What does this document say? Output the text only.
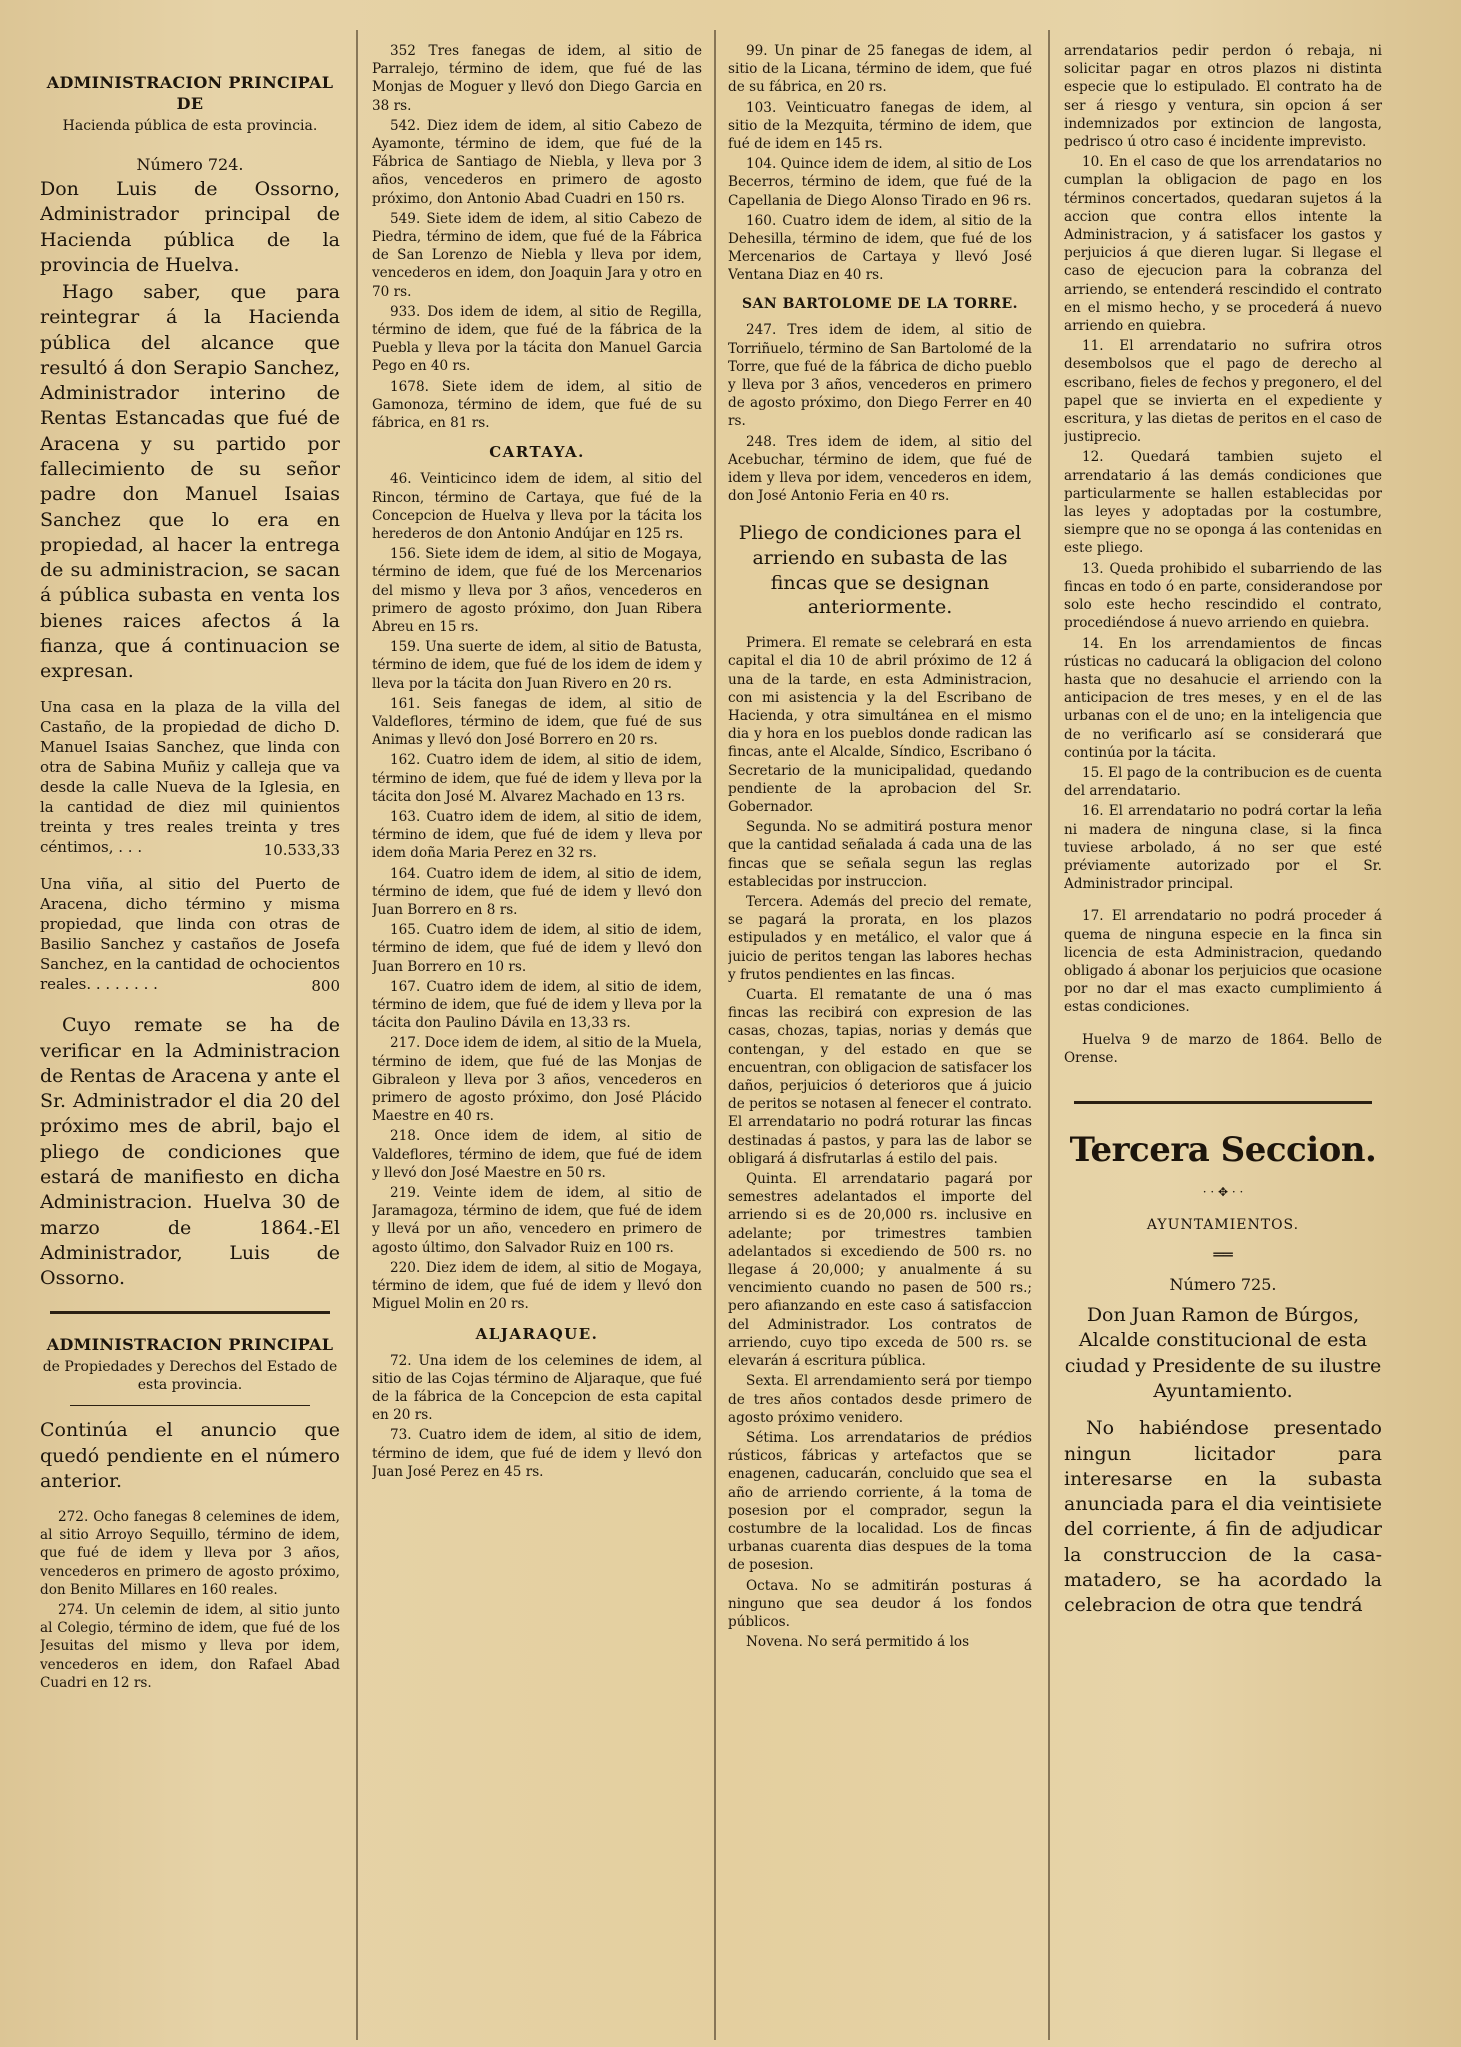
ADMINISTRACION PRINCIPAL DE

Hacienda pública de esta provincia.

Número 724.

Don Luis de Ossorno, Administrador principal de Hacienda pública de la provincia de Huelva.

Hago saber, que para reintegrar á la Hacienda pública del alcance que resultó á don Serapio Sanchez, Administrador interino de Rentas Estancadas que fué de Aracena y su partido por fallecimiento de su señor padre don Manuel Isaias Sanchez que lo era en propiedad, al hacer la entrega de su administracion, se sacan á pública subasta en venta los bienes raices afectos á la fianza, que á continuacion se expresan.

Una casa en la plaza de la villa del Castaño, de la propiedad de dicho D. Manuel Isaias Sanchez, que linda con otra de Sabina Muñiz y calleja que va desde la calle Nueva de la Iglesia, en la cantidad de diez mil quinientos treinta y tres reales treinta y tres céntimos, . . .	10.533,33

Una viña, al sitio del Puerto de Aracena, dicho término y misma propiedad, que linda con otras de Basilio Sanchez y castaños de Josefa Sanchez, en la cantidad de ochocientos reales. . . . . . . .	800

Cuyo remate se ha de verificar en la Administracion de Rentas de Aracena y ante el Sr. Administrador el dia 20 del próximo mes de abril, bajo el pliego de condiciones que estará de manifiesto en dicha Administracion. Huelva 30 de marzo de 1864.-El Administrador, Luis de Ossorno.

ADMINISTRACION PRINCIPAL

de Propiedades y Derechos del Estado de esta provincia.

Continúa el anuncio que quedó pendiente en el número anterior.

272. Ocho fanegas 8 celemines de idem, al sitio Arroyo Sequillo, término de idem, que fué de idem y lleva por 3 años, vencederos en primero de agosto próximo, don Benito Millares en 160 reales.

274. Un celemin de idem, al sitio junto al Colegio, término de idem, que fué de los Jesuitas del mismo y lleva por idem, vencederos en idem, don Rafael Abad Cuadri en 12 rs.

352 Tres fanegas de idem, al sitio de Parralejo, término de idem, que fué de las Monjas de Moguer y llevó don Diego Garcia en 38 rs.

542. Diez idem de idem, al sitio Cabezo de Ayamonte, término de idem, que fué de la Fábrica de Santiago de Niebla, y lleva por 3 años, vencederos en primero de agosto próximo, don Antonio Abad Cuadri en 150 rs.

549. Siete idem de idem, al sitio Cabezo de Piedra, término de idem, que fué de la Fábrica de San Lorenzo de Niebla y lleva por idem, vencederos en idem, don Joaquin Jara y otro en 70 rs.

933. Dos idem de idem, al sitio de Regilla, término de idem, que fué de la fábrica de la Puebla y lleva por la tácita don Manuel Garcia Pego en 40 rs.

1678. Siete idem de idem, al sitio de Gamonoza, término de idem, que fué de su fábrica, en 81 rs.

CARTAYA.

46. Veinticinco idem de idem, al sitio del Rincon, término de Cartaya, que fué de la Concepcion de Huelva y lleva por la tácita los herederos de don Antonio Andújar en 125 rs.

156. Siete idem de idem, al sitio de Mogaya, término de idem, que fué de los Mercenarios del mismo y lleva por 3 años, vencederos en primero de agosto próximo, don Juan Ribera Abreu en 15 rs.

159. Una suerte de idem, al sitio de Batusta, término de idem, que fué de los idem de idem y lleva por la tácita don Juan Rivero en 20 rs.

161. Seis fanegas de idem, al sitio de Valdeflores, término de idem, que fué de sus Animas y llevó don José Borrero en 20 rs.

162. Cuatro idem de idem, al sitio de idem, término de idem, que fué de idem y lleva por la tácita don José M. Alvarez Machado en 13 rs.

163. Cuatro idem de idem, al sitio de idem, término de idem, que fué de idem y lleva por idem doña Maria Perez en 32 rs.

164. Cuatro idem de idem, al sitio de idem, término de idem, que fué de idem y llevó don Juan Borrero en 8 rs.

165. Cuatro idem de idem, al sitio de idem, término de idem, que fué de idem y llevó don Juan Borrero en 10 rs.

167. Cuatro idem de idem, al sitio de idem, término de idem, que fué de idem y lleva por la tácita don Paulino Dávila en 13,33 rs.

217. Doce idem de idem, al sitio de la Muela, término de idem, que fué de las Monjas de Gibraleon y lleva por 3 años, vencederos en primero de agosto próximo, don José Plácido Maestre en 40 rs.

218. Once idem de idem, al sitio de Valdeflores, término de idem, que fué de idem y llevó don José Maestre en 50 rs.

219. Veinte idem de idem, al sitio de Jaramagoza, término de idem, que fué de idem y llevá por un año, vencedero en primero de agosto último, don Salvador Ruiz en 100 rs.

220. Diez idem de idem, al sitio de Mogaya, término de idem, que fué de idem y llevó don Miguel Molin en 20 rs.

ALJARAQUE.

72. Una idem de los celemines de idem, al sitio de las Cojas término de Aljaraque, que fué de la fábrica de la Concepcion de esta capital en 20 rs.

73. Cuatro idem de idem, al sitio de idem, término de idem, que fué de idem y llevó don Juan José Perez en 45 rs.

99. Un pinar de 25 fanegas de idem, al sitio de la Licana, término de idem, que fué de su fábrica, en 20 rs.

103. Veinticuatro fanegas de idem, al sitio de la Mezquita, término de idem, que fué de idem en 145 rs.

104. Quince idem de idem, al sitio de Los Becerros, término de idem, que fué de la Capellania de Diego Alonso Tirado en 96 rs.

160. Cuatro idem de idem, al sitio de la Dehesilla, término de idem, que fué de los Mercenarios de Cartaya y llevó José Ventana Diaz en 40 rs.

SAN BARTOLOME DE LA TORRE.

247. Tres idem de idem, al sitio de Torriñuelo, término de San Bartolomé de la Torre, que fué de la fábrica de dicho pueblo y lleva por 3 años, vencederos en primero de agosto próximo, don Diego Ferrer en 40 rs.

248. Tres idem de idem, al sitio del Acebuchar, término de idem, que fué de idem y lleva por idem, vencederos en idem, don José Antonio Feria en 40 rs.

Pliego de condiciones para el arriendo en subasta de las fincas que se designan anteriormente.

Primera. El remate se celebrará en esta capital el dia 10 de abril próximo de 12 á una de la tarde, en esta Administracion, con mi asistencia y la del Escribano de Hacienda, y otra simultánea en el mismo dia y hora en los pueblos donde radican las fincas, ante el Alcalde, Síndico, Escribano ó Secretario de la municipalidad, quedando pendiente de la aprobacion del Sr. Gobernador.

Segunda. No se admitirá postura menor que la cantidad señalada á cada una de las fincas que se señala segun las reglas establecidas por instruccion.

Tercera. Además del precio del remate, se pagará la prorata, en los plazos estipulados y en metálico, el valor que á juicio de peritos tengan las labores hechas y frutos pendientes en las fincas.

Cuarta. El rematante de una ó mas fincas las recibirá con expresion de las casas, chozas, tapias, norias y demás que contengan, y del estado en que se encuentran, con obligacion de satisfacer los daños, perjuicios ó deterioros que á juicio de peritos se notasen al fenecer el contrato. El arrendatario no podrá roturar las fincas destinadas á pastos, y para las de labor se obligará á disfrutarlas á estilo del pais.

Quinta. El arrendatario pagará por semestres adelantados el importe del arriendo si es de 20,000 rs. inclusive en adelante; por trimestres tambien adelantados si excediendo de 500 rs. no llegase á 20,000; y anualmente á su vencimiento cuando no pasen de 500 rs.; pero afianzando en este caso á satisfaccion del Administrador. Los contratos de arriendo, cuyo tipo exceda de 500 rs. se elevarán á escritura pública.

Sexta. El arrendamiento será por tiempo de tres años contados desde primero de agosto próximo venidero.

Sétima. Los arrendatarios de prédios rústicos, fábricas y artefactos que se enagenen, caducarán, concluido que sea el año de arriendo corriente, á la toma de posesion por el comprador, segun la costumbre de la localidad. Los de fincas urbanas cuarenta dias despues de la toma de posesion.

Octava. No se admitirán posturas á ninguno que sea deudor á los fondos públicos.

Novena. No será permitido á los

arrendatarios pedir perdon ó rebaja, ni solicitar pagar en otros plazos ni distinta especie que lo estipulado. El contrato ha de ser á riesgo y ventura, sin opcion á ser indemnizados por extincion de langosta, pedrisco ú otro caso é incidente imprevisto.

10. En el caso de que los arrendatarios no cumplan la obligacion de pago en los términos concertados, quedaran sujetos á la accion que contra ellos intente la Administracion, y á satisfacer los gastos y perjuicios á que dieren lugar. Si llegase el caso de ejecucion para la cobranza del arriendo, se entenderá rescindido el contrato en el mismo hecho, y se procederá á nuevo arriendo en quiebra.

11. El arrendatario no sufrira otros desembolsos que el pago de derecho al escribano, fieles de fechos y pregonero, el del papel que se invierta en el expediente y escritura, y las dietas de peritos en el caso de justiprecio.

12. Quedará tambien sujeto el arrendatario á las demás condiciones que particularmente se hallen establecidas por las leyes y adoptadas por la costumbre, siempre que no se oponga á las contenidas en este pliego.

13. Queda prohibido el subarriendo de las fincas en todo ó en parte, considerandose por solo este hecho rescindido el contrato, procediéndose á nuevo arriendo en quiebra.

14. En los arrendamientos de fincas rústicas no caducará la obligacion del colono hasta que no desahucie el arriendo con la anticipacion de tres meses, y en el de las urbanas con el de uno; en la inteligencia que de no verificarlo así se considerará que continúa por la tácita.

15. El pago de la contribucion es de cuenta del arrendatario.

16. El arrendatario no podrá cortar la leña ni madera de ninguna clase, si la finca tuviese arbolado, á no ser que esté préviamente autorizado por el Sr. Administrador principal.

17. El arrendatario no podrá proceder á quema de ninguna especie en la finca sin licencia de esta Administracion, quedando obligado á abonar los perjuicios que ocasione por no dar el mas exacto cumplimiento á estas condiciones.

Huelva 9 de marzo de 1864. Bello de Orense.

Tercera Seccion.

· · ✥ · ·

AYUNTAMIENTOS.

══

Número 725.

Don Juan Ramon de Búrgos, Alcalde constitucional de esta ciudad y Presidente de su ilustre Ayuntamiento.

No habiéndose presentado ningun licitador para interesarse en la subasta anunciada para el dia veintisiete del corriente, á fin de adjudicar la construccion de la casa-matadero, se ha acordado la celebracion de otra que tendrá
